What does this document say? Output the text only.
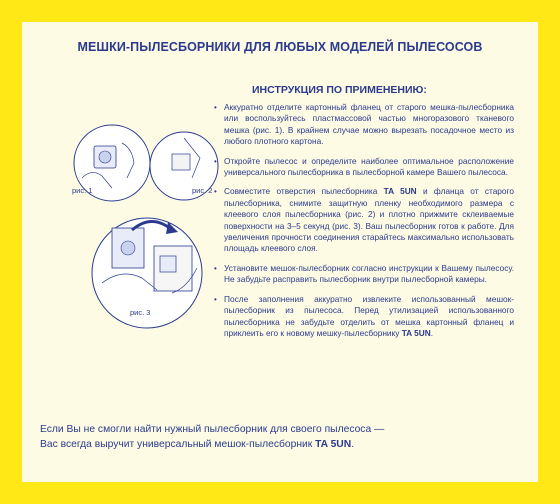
МЕШКИ-ПЫЛЕСБОРНИКИ ДЛЯ ЛЮБЫХ МОДЕЛЕЙ ПЫЛЕСОСОВ
ИНСТРУКЦИЯ ПО ПРИМЕНЕНИЮ:
рис. 1	рис. 2
рис. 3
• Аккуратно отделите картонный фланец от старого мешка-пылесборника или воспользуйтесь пластмассовой частью многоразового тканевого мешка (рис. 1). В крайнем случае можно вырезать посадочное место из любого плотного картона.
• Откройте пылесос и определите наиболее оптимальное расположение универсального пылесборника в пылесборной камере Вашего пылесоса.
• Совместите отверстия пылесборника TA 5UN и фланца от старого пылесборника, снимите защитную пленку необходимого размера с клеевого слоя пылесборника (рис. 2) и плотно прижмите склеиваемые поверхности на 3–5 секунд (рис. 3). Ваш пылесборник готов к работе. Для увеличения прочности соединения старайтесь максимально использовать площадь клеевого слоя.
• Установите мешок-пылесборник согласно инструкции к Вашему пылесосу. Не забудьте расправить пылесборник внутри пылесборной камеры.
• После заполнения аккуратно извлеките использованный мешок-пылесборник из пылесоса. Перед утилизацией использованного пылесборника не забудьте отделить от мешка картонный фланец и приклеить его к новому мешку-пылесборнику TA 5UN.
Если Вы не смогли найти нужный пылесборник для своего пылесоса —
Вас всегда выручит универсальный мешок-пылесборник TA 5UN.
